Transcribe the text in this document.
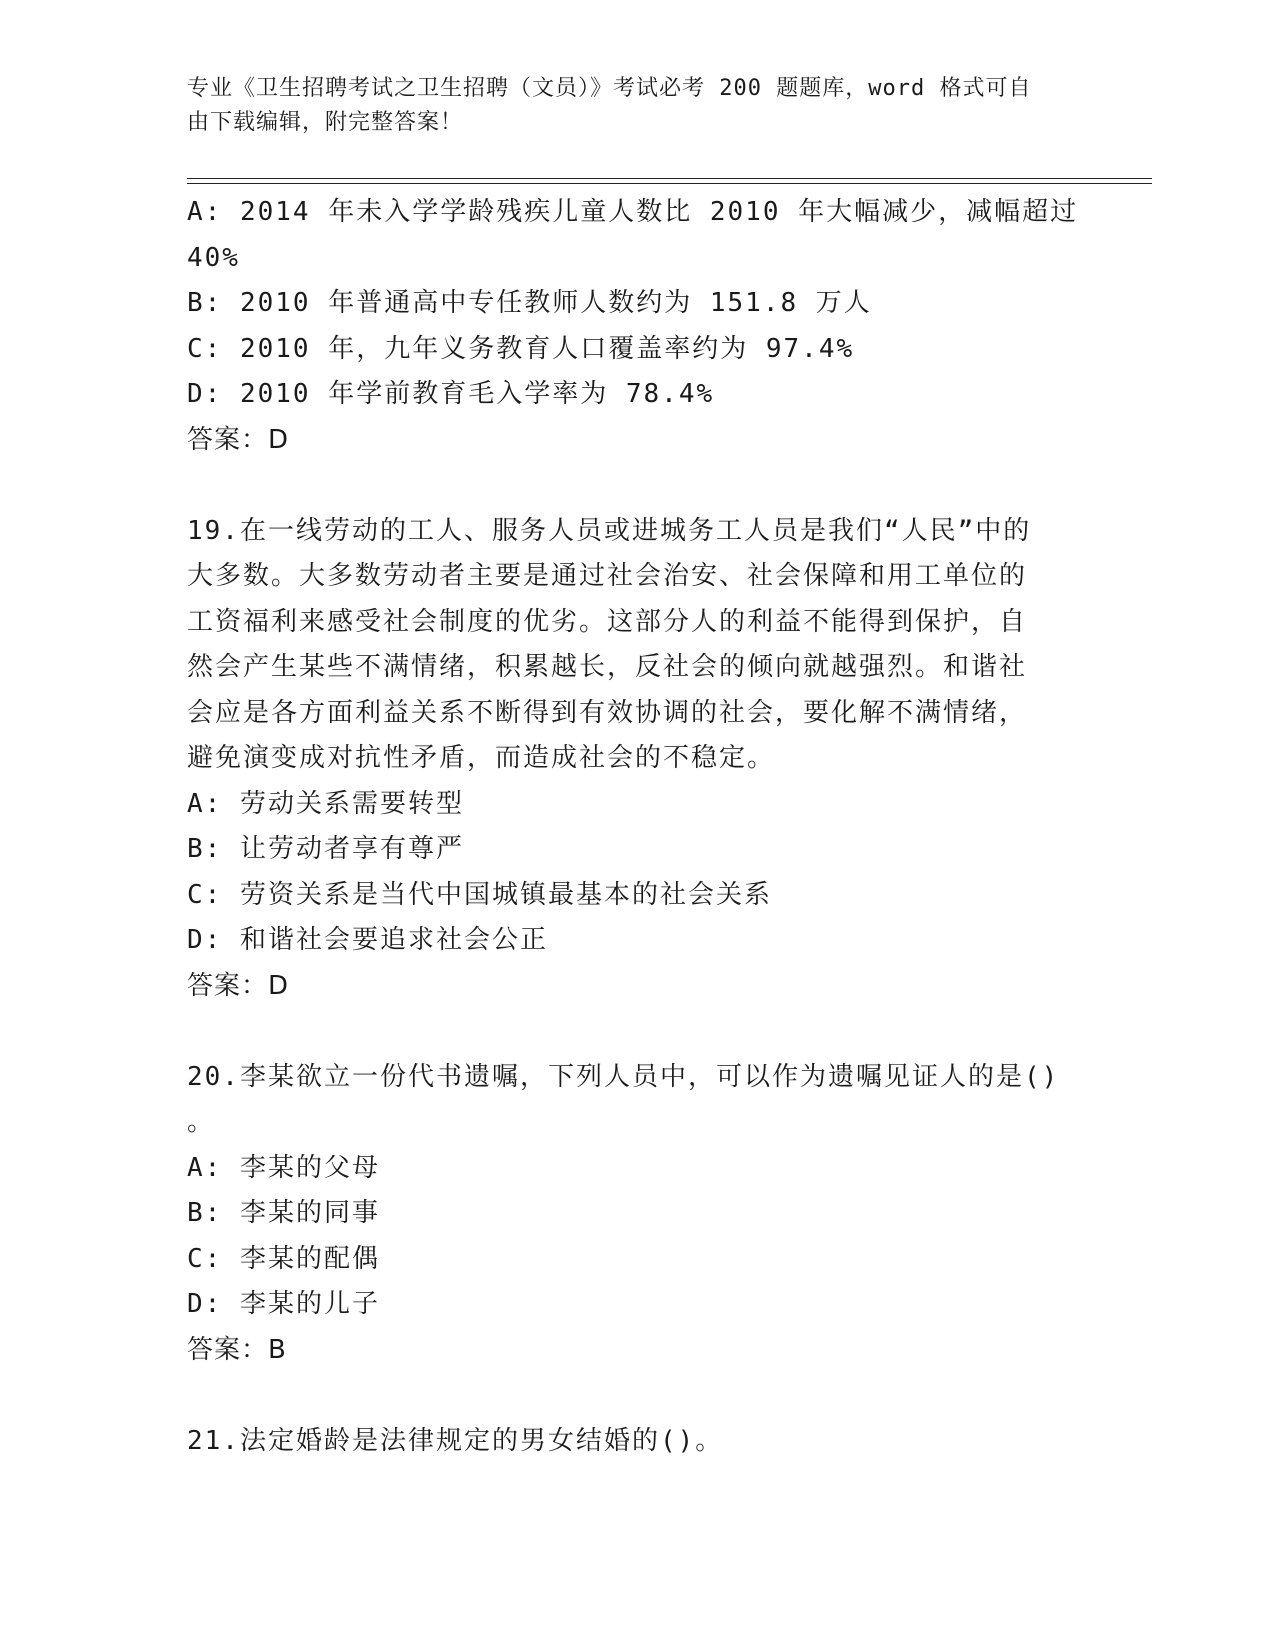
专业《卫生招聘考试之卫生招聘（文员）》考试必考 200 题题库，word 格式可自
由下载编辑，附完整答案！
A: 2014 年未入学学龄残疾儿童人数比 2010 年大幅减少，减幅超过
40%
B: 2010 年普通高中专任教师人数约为 151.8 万人
C: 2010 年，九年义务教育人口覆盖率约为 97.4%
D: 2010 年学前教育毛入学率为 78.4%
答案：D
19.在一线劳动的工人、服务人员或进城务工人员是我们“人民”中的
大多数。大多数劳动者主要是通过社会治安、社会保障和用工单位的
工资福利来感受社会制度的优劣。这部分人的利益不能得到保护，自
然会产生某些不满情绪，积累越长，反社会的倾向就越强烈。和谐社
会应是各方面利益关系不断得到有效协调的社会，要化解不满情绪，
避免演变成对抗性矛盾，而造成社会的不稳定。
A: 劳动关系需要转型
B: 让劳动者享有尊严
C: 劳资关系是当代中国城镇最基本的社会关系
D: 和谐社会要追求社会公正
答案：D
20.李某欲立一份代书遗嘱，下列人员中，可以作为遗嘱见证人的是()
。
A: 李某的父母
B: 李某的同事
C: 李某的配偶
D: 李某的儿子
答案：B
21.法定婚龄是法律规定的男女结婚的()。
